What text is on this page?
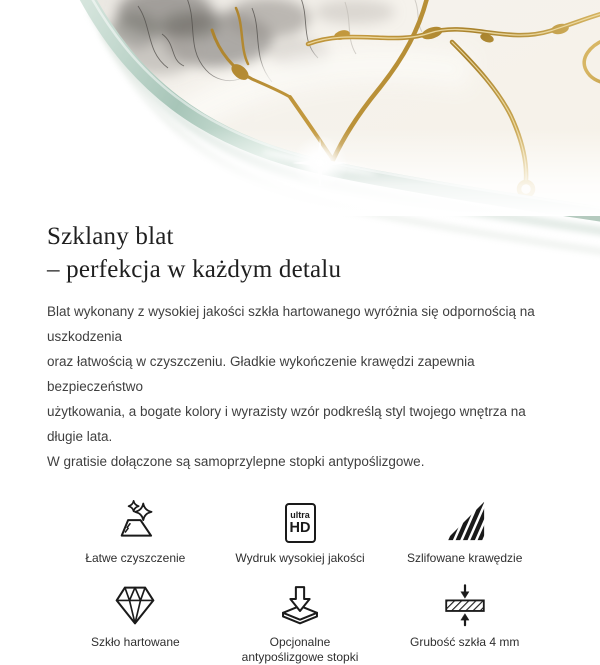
Szklany blat
– perfekcja w każdym detalu
Blat wykonany z wysokiej jakości szkła hartowanego wyróżnia się odpornością na uszkodzenia
oraz łatwością w czyszczeniu. Gładkie wykończenie krawędzi zapewnia bezpieczeństwo
użytkowania, a bogate kolory i wyrazisty wzór podkreślą styl twojego wnętrza na długie lata.
W gratisie dołączone są samoprzylepne stopki antypoślizgowe.
Łatwe czyszczenie
ultra
HD
Wydruk wysokiej jakości	Szlifowane krawędzie
Szkło hartowane	Opcjonalne
antypoślizgowe stopki
Grubość szkła 4 mm
